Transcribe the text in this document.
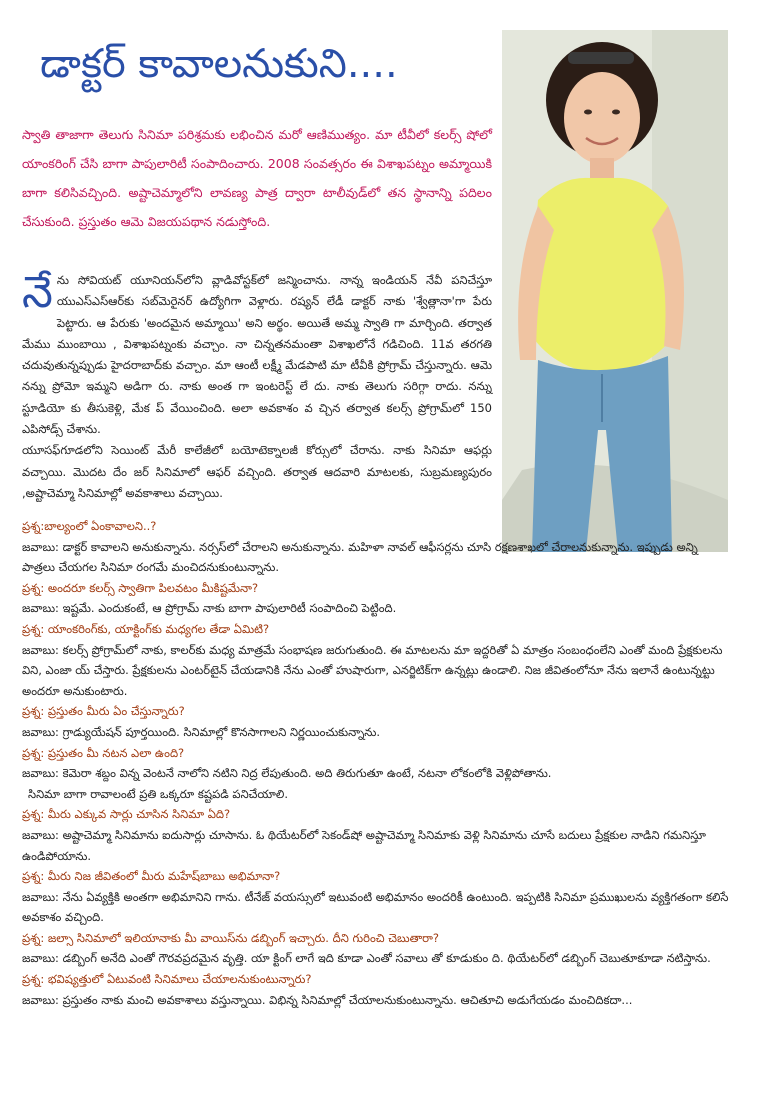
డాక్టర్ కావాలనుకుని....
స్వాతి తాజాగా తెలుగు సినిమా పరిశ్రమకు లభించిన మరో ఆణిముత్యం. మా టీవీలో కలర్స్ షోలో యాంకరింగ్ చేసి బాగా పాపులారిటీ సంపాదించారు. 2008 సంవత్సరం ఈ విశాఖపట్నం అమ్మాయికి బాగా కలిసివచ్చింది. అష్టాచెమ్మాలోని లావణ్య పాత్ర ద్వారా టాలీవుడ్‌లో తన స్థానాన్ని పదిలం చేసుకుంది. ప్రస్తుతం ఆమె విజయపథాన నడుస్తోంది.
నే ను సోవియట్ యూనియన్‌లోని వ్లాడివోస్టక్‌లో జన్మించాను. నాన్న ఇండియన్ నేవీ పనిచేస్తూ యుఎస్ఎస్ఆర్‌కు సబ్‌మెరైనర్ ఉద్యోగిగా వెళ్లారు. రష్యన్ లేడీ డాక్టర్ నాకు 'శ్వేత్లానా'గా పేరు పెట్టారు. ఆ పేరుకు 'అందమైన అమ్మాయి' అని అర్థం. అయితే అమ్మ స్వాతి గా మార్చింది. తర్వాత మేము ముంబాయి , విశాఖపట్నంకు వచ్చాం. నా చిన్నతనమంతా విశాఖలోనే గడిచింది. 11వ తరగతి చదువుతున్నప్పుడు హైదరాబాద్‌కు వచ్చాం. మా ఆంటీ లక్ష్మీ మేడపాటి మా టీవీకి ప్రోగ్రామ్ చేస్తున్నారు. ఆమె నన్ను ప్రోమో ఇమ్మని అడిగా రు. నాకు అంత గా ఇంటరెస్ట్ లే దు. నాకు తెలుగు సరిగ్గా రాదు. నన్ను స్టూడియో కు తీసుకెళ్లి, మేక ప్ వేయించింది. అలా అవకాశం వ చ్చిన తర్వాత కలర్స్ ప్రోగ్రామ్‌లో 150 ఎపిసోడ్స్ చేశాను.
యూసఫ్‌గూడలోని సెయింట్ మేరీ కాలేజీలో బయోటెక్నాలజీ కోర్సులో చేరాను. నాకు సినిమా ఆఫర్లు వచ్చాయి. మొదట దేం జర్ సినిమాలో ఆఫర్ వచ్చింది. తర్వాత ఆదవారి మాటలకు, సుబ్రమణ్యపురం ,అష్టాచెమ్మా సినిమాల్లో అవకాశాలు వచ్చాయి.
ప్రశ్న:బాల్యంలో ఏంకావాలని..?
జవాబు: డాక్టర్ కావాలని అనుకున్నాను. నర్సస్‌లో చేరాలని అనుకున్నాను. మహిళా నావల్ ఆఫీసర్లను చూసి రక్షణశాఖలో చేరాలనుకున్నాను. ఇప్పుడు అన్ని పాత్రలు చేయగల సినిమా రంగమే మంచిదనుకుంటున్నాను.
ప్రశ్న: అందరూ కలర్స్ స్వాతిగా పిలవటం మీకిష్టమేనా?
జవాబు: ఇష్టమే. ఎందుకంటే, ఆ ప్రోగ్రామ్ నాకు బాగా పాపులారిటీ సంపాదించి పెట్టింది.
ప్రశ్న: యాంకరింగ్‌కు, యాక్టింగ్‌కు మధ్యగల తేడా ఏమిటి?
జవాబు: కలర్స్ ప్రోగ్రామ్‌లో నాకు, కాలర్‌కు మధ్య మాత్రమే సంభాషణ జరుగుతుంది. ఈ మాటలను మా ఇద్దరితో ఏ మాత్రం సంబంధంలేని ఎంతో మంది ప్రేక్షకులను విని, ఎంజా య్ చేస్తారు. ప్రేక్షకులను ఎంటర్‌టైన్ చేయడానికి నేను ఎంతో హుషారుగా, ఎనర్జిటిక్‌గా ఉన్నట్లు ఉండాలి. నిజ జీవితంలోనూ నేను ఇలానే ఉంటున్నట్టు అందరూ అనుకుంటారు.
ప్రశ్న: ప్రస్తుతం మీరు ఏం చేస్తున్నారు?
జవాబు: గ్రాడ్యుయేషన్ పూర్తయింది. సినిమాల్లో కొనసాగాలని నిర్ణయించుకున్నాను.
ప్రశ్న: ప్రస్తుతం మీ నటన ఎలా ఉంది?
జవాబు: కెమెరా శబ్దం విన్న వెంటనే నాలోని నటిని నిద్ర లేపుతుంది. అది తిరుగుతూ ఉంటే, నటనా లోకంలోకి వెళ్లిపోతాను.
సినిమా బాగా రావాలంటే ప్రతి ఒక్కరూ కష్టపడి పనిచేయాలి.
ప్రశ్న: మీరు ఎక్కువ సార్లు చూసిన సినిమా ఏది?
జవాబు: అష్టాచెమ్మా సినిమాను ఐదుసార్లు చూసాను. ఓ థియేటర్‌లో సెకండ్‌షో అష్టాచెమ్మా సినిమాకు వెళ్లి సినిమాను చూసే బదులు ప్రేక్షకుల నాడిని గమనిస్తూ ఉండిపోయాను.
ప్రశ్న: మీరు నిజ జీవితంలో మీరు మహేష్‌బాబు అభిమానా?
జవాబు: నేను ఏవ్యక్తికి అంతగా అభిమానిని గాను. టీనేజ్ వయస్సులో ఇటువంటి అభిమానం అందరికీ ఉంటుంది. ఇప్పటికి సినిమా ప్రముఖులను వ్యక్తిగతంగా కలిసే అవకాశం వచ్చింది.
ప్రశ్న: జల్సా సినిమాలో ఇలియానాకు మీ వాయిస్‌ను డబ్బింగ్ ఇచ్చారు. దీని గురించి చెబుతారా?
జవాబు: డబ్బింగ్ అనేది ఎంతో గౌరవప్రదమైన వృత్తి. యా క్టింగ్ లాగే ఇది కూడా ఎంతో సవాలు తో కూడుకుం ది. థియేటర్‌లో డబ్బింగ్ చెబుతూకూడా నటిస్తాను.
ప్రశ్న: భవిష్యత్తులో ఏటువంటి సినిమాలు చేయాలనుకుంటున్నారు?
జవాబు: ప్రస్తుతం నాకు మంచి అవకాశాలు వస్తున్నాయి. విభిన్న సినిమాల్లో చేయాలనుకుంటున్నాను. ఆచితూచి అడుగేయడం మంచిదికదా...
